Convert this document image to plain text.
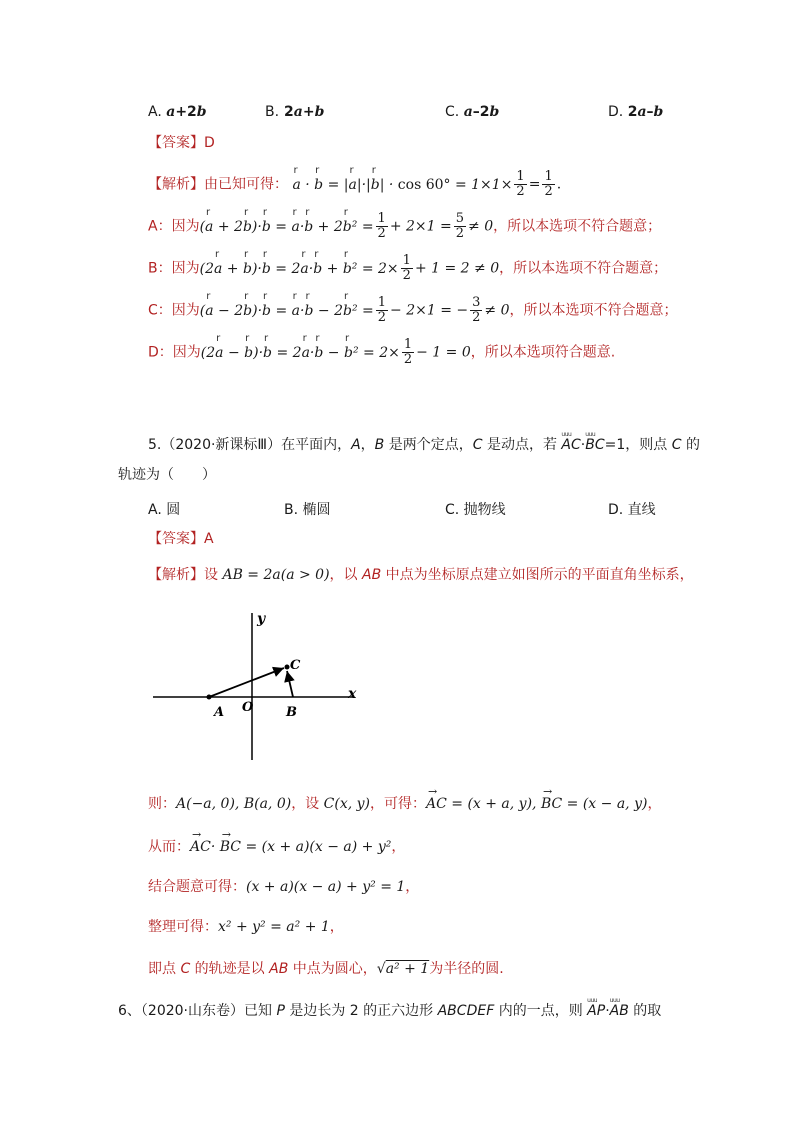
A. a+2b	2a+b
B.	C. a–2b	D. 2a–b
【答案】D
【解析】由已知可得： r a · r b = |r a|·|r $b| \cdot \cos 60^\circ = 1\times 1\times \frac{1}{2} = \frac{1}{2}$ .
A：因为(r a + 2r b)·r b = r a·r b + 2r $b^2 = \frac{1}{2} + 2\times 1 = \frac{5}{2} \ne 0$，所以本选项不符合题意；
B：因为(2r a + r b)·r b = 2r a·r b + r $b^2 = 2\times \frac{1}{2} + 1 = 2 \ne 0$，所以本选项不符合题意；
C：因为(r a − 2r b)·r b = r a·r b − 2r $b^2 = \frac{1}{2} - 2\times 1$ = − $\frac{3}{2} \ne 0$，所以本选项不符合题意；
D：因为(2r a − r b)·r b = 2r a·r b − r $b^2 = 2\times \frac{1}{2} - 1 = 0$，所以本选项符合题意.
5.（2020·新课标Ⅲ）在平面内，A，B 是两个定点，C 是动点，若 uuu AC·uuu BC=1，则点 C 的
轨迹为（　　）
A. 圆	B. 椭圆	C. 抛物线	D. 直线
【答案】A
【解析】设 AB = 2a(a > 0)，以 AB 中点为坐标原点建立如图所示的平面直角坐标系，
y
x
A O	B
C
则：A(−a, 0), B(a, 0)，设 C(x, y)，可得：→ AC = (x + a, y), → BC = (x − a, y)，
从而：→ AC· → BC = (x + a)(x − a) + y²，
结合题意可得：(x + a)(x − a) + y² = 1，
整理可得：x² + y² = a² + 1，
即点 C 的轨迹是以 AB 中点为圆心，√a² + 1为半径的圆.
6、（2020·山东卷）已知 P 是边长为 2 的正六边形 ABCDEF 内的一点，则 uuu AP·uuu AB 的取
